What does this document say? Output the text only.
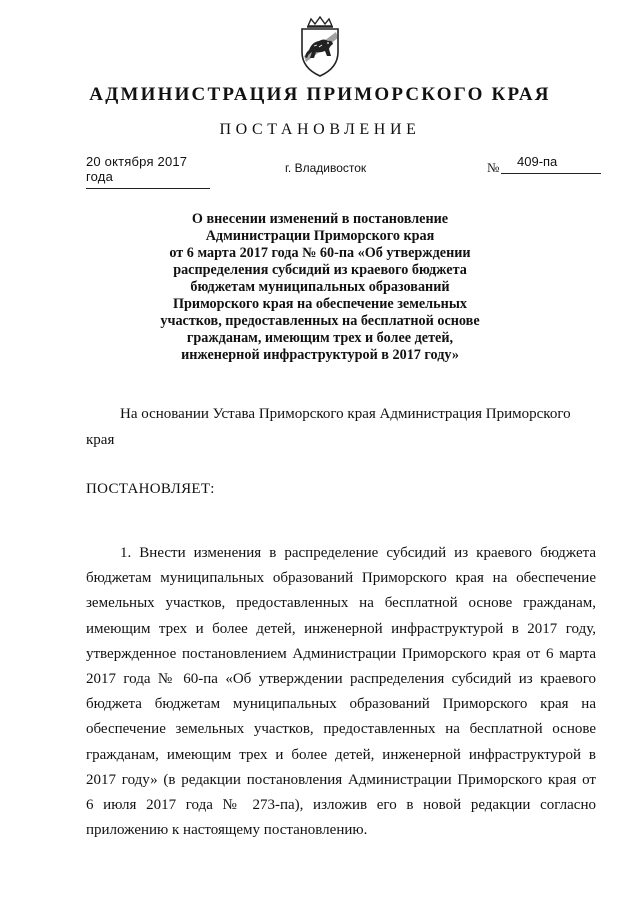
АДМИНИСТРАЦИЯ ПРИМОРСКОГО КРАЯ
ПОСТАНОВЛЕНИЕ
20 октября 2017 года
г. Владивосток	№	409-па
О внесении изменений в постановление
Администрации Приморского края
от 6 марта 2017 года № 60-па «Об утверждении
распределения субсидий из краевого бюджета
бюджетам муниципальных образований
Приморского края на обеспечение земельных
участков, предоставленных на бесплатной основе
гражданам, имеющим трех и более детей,
инженерной инфраструктурой в 2017 году»
На основании Устава Приморского края Администрация Приморского
края
ПОСТАНОВЛЯЕТ:
1. Внести изменения в распределение субсидий из краевого бюджета
бюджетам муниципальных образований Приморского края на обеспечение
земельных участков, предоставленных на бесплатной основе гражданам,
имеющим трех и более детей, инженерной инфраструктурой в 2017 году,
утвержденное постановлением Администрации Приморского края от 6 марта
2017 года № 60-па «Об утверждении распределения субсидий из краевого
бюджета бюджетам муниципальных образований Приморского края на
обеспечение земельных участков, предоставленных на бесплатной основе
гражданам, имеющим трех и более детей, инженерной инфраструктурой в
2017 году» (в редакции постановления Администрации Приморского края от
6 июля 2017 года № 273-па), изложив его в новой редакции согласно
приложению к настоящему постановлению.
